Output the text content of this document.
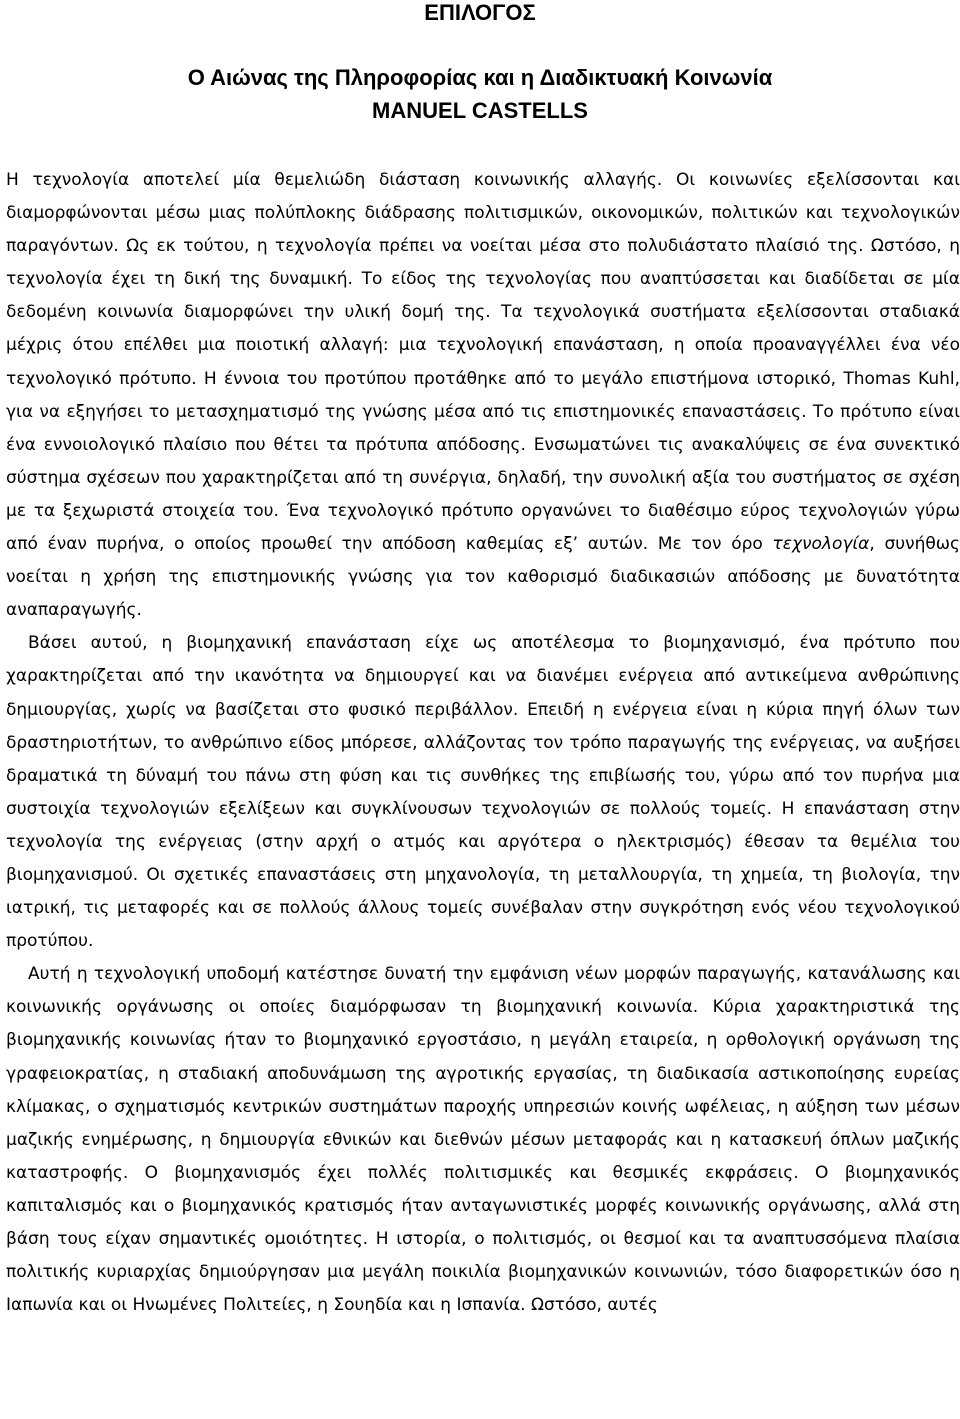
ΕΠΙΛΟΓΟΣ
Ο Αιώνας της Πληροφορίας και η Διαδικτυακή Κοινωνία
MANUEL CASTELLS

Η τεχνολογία αποτελεί μία θεμελιώδη διάσταση κοινωνικής αλλαγής. Οι κοινωνίες εξελίσσονται και διαμορφώνονται μέσω μιας πολύπλοκης διάδρασης πολιτισμικών, οικονομικών, πολιτικών και τεχνολογικών παραγόντων. Ως εκ τούτου, η τεχνολογία πρέπει να νοείται μέσα στο πολυδιάστατο πλαίσιό της. Ωστόσο, η τεχνολογία έχει τη δική της δυναμική. Το είδος της τεχνολογίας που αναπτύσσεται και διαδίδεται σε μία δεδομένη κοινωνία διαμορφώνει την υλική δομή της. Τα τεχνολογικά συστήματα εξελίσσονται σταδιακά μέχρις ότου επέλθει μια ποιοτική αλλαγή: μια τεχνολογική επανάσταση, η οποία προαναγγέλλει ένα νέο τεχνολογικό πρότυπο. Η έννοια του προτύπου προτάθηκε από το μεγάλο επιστήμονα ιστορικό, Thomas Kuhl, για να εξηγήσει το μετασχηματισμό της γνώσης μέσα από τις επιστημονικές επαναστάσεις. Το πρότυπο είναι ένα εννοιολογικό πλαίσιο που θέτει τα πρότυπα απόδοσης. Ενσωματώνει τις ανακαλύψεις σε ένα συνεκτικό σύστημα σχέσεων που χαρακτηρίζεται από τη συνέργια, δηλαδή, την συνολική αξία του συστήματος σε σχέση με τα ξεχωριστά στοιχεία του. Ένα τεχνολογικό πρότυπο οργανώνει το διαθέσιμο εύρος τεχνολογιών γύρω από έναν πυρήνα, ο οποίος προωθεί την απόδοση καθεμίας εξ’ αυτών. Με τον όρο τεχνολογία, συνήθως νοείται η χρήση της επιστημονικής γνώσης για τον καθορισμό διαδικασιών απόδοσης με δυνατότητα αναπαραγωγής.

Βάσει αυτού, η βιομηχανική επανάσταση είχε ως αποτέλεσμα το βιομηχανισμό, ένα πρότυπο που χαρακτηρίζεται από την ικανότητα να δημιουργεί και να διανέμει ενέργεια από αντικείμενα ανθρώπινης δημιουργίας, χωρίς να βασίζεται στο φυσικό περιβάλλον. Επειδή η ενέργεια είναι η κύρια πηγή όλων των δραστηριοτήτων, το ανθρώπινο είδος μπόρεσε, αλλάζοντας τον τρόπο παραγωγής της ενέργειας, να αυξήσει δραματικά τη δύναμή του πάνω στη φύση και τις συνθήκες της επιβίωσής του, γύρω από τον πυρήνα μια συστοιχία τεχνολογιών εξελίξεων και συγκλίνουσων τεχνολογιών σε πολλούς τομείς. Η επανάσταση στην τεχνολογία της ενέργειας (στην αρχή ο ατμός και αργότερα ο ηλεκτρισμός) έθεσαν τα θεμέλια του βιομηχανισμού. Οι σχετικές επαναστάσεις στη μηχανολογία, τη μεταλλουργία, τη χημεία, τη βιολογία, την ιατρική, τις μεταφορές και σε πολλούς άλλους τομείς συνέβαλαν στην συγκρότηση ενός νέου τεχνολογικού προτύπου.

Αυτή η τεχνολογική υποδομή κατέστησε δυνατή την εμφάνιση νέων μορφών παραγωγής, κατανάλωσης και κοινωνικής οργάνωσης οι οποίες διαμόρφωσαν τη βιομηχανική κοινωνία. Κύρια χαρακτηριστικά της βιομηχανικής κοινωνίας ήταν το βιομηχανικό εργοστάσιο, η μεγάλη εταιρεία, η ορθολογική οργάνωση της γραφειοκρατίας, η σταδιακή αποδυνάμωση της αγροτικής εργασίας, τη διαδικασία αστικοποίησης ευρείας κλίμακας, ο σχηματισμός κεντρικών συστημάτων παροχής υπηρεσιών κοινής ωφέλειας, η αύξηση των μέσων μαζικής ενημέρωσης, η δημιουργία εθνικών και διεθνών μέσων μεταφοράς και η κατασκευή όπλων μαζικής καταστροφής. Ο βιομηχανισμός έχει πολλές πολιτισμικές και θεσμικές εκφράσεις. Ο βιομηχανικός καπιταλισμός και ο βιομηχανικός κρατισμός ήταν ανταγωνιστικές μορφές κοινωνικής οργάνωσης, αλλά στη βάση τους είχαν σημαντικές ομοιότητες. Η ιστορία, ο πολιτισμός, οι θεσμοί και τα αναπτυσσόμενα πλαίσια πολιτικής κυριαρχίας δημιούργησαν μια μεγάλη ποικιλία βιομηχανικών κοινωνιών, τόσο διαφορετικών όσο η Ιαπωνία και οι Ηνωμένες Πολιτείες, η Σουηδία και η Ισπανία. Ωστόσο, αυτές
